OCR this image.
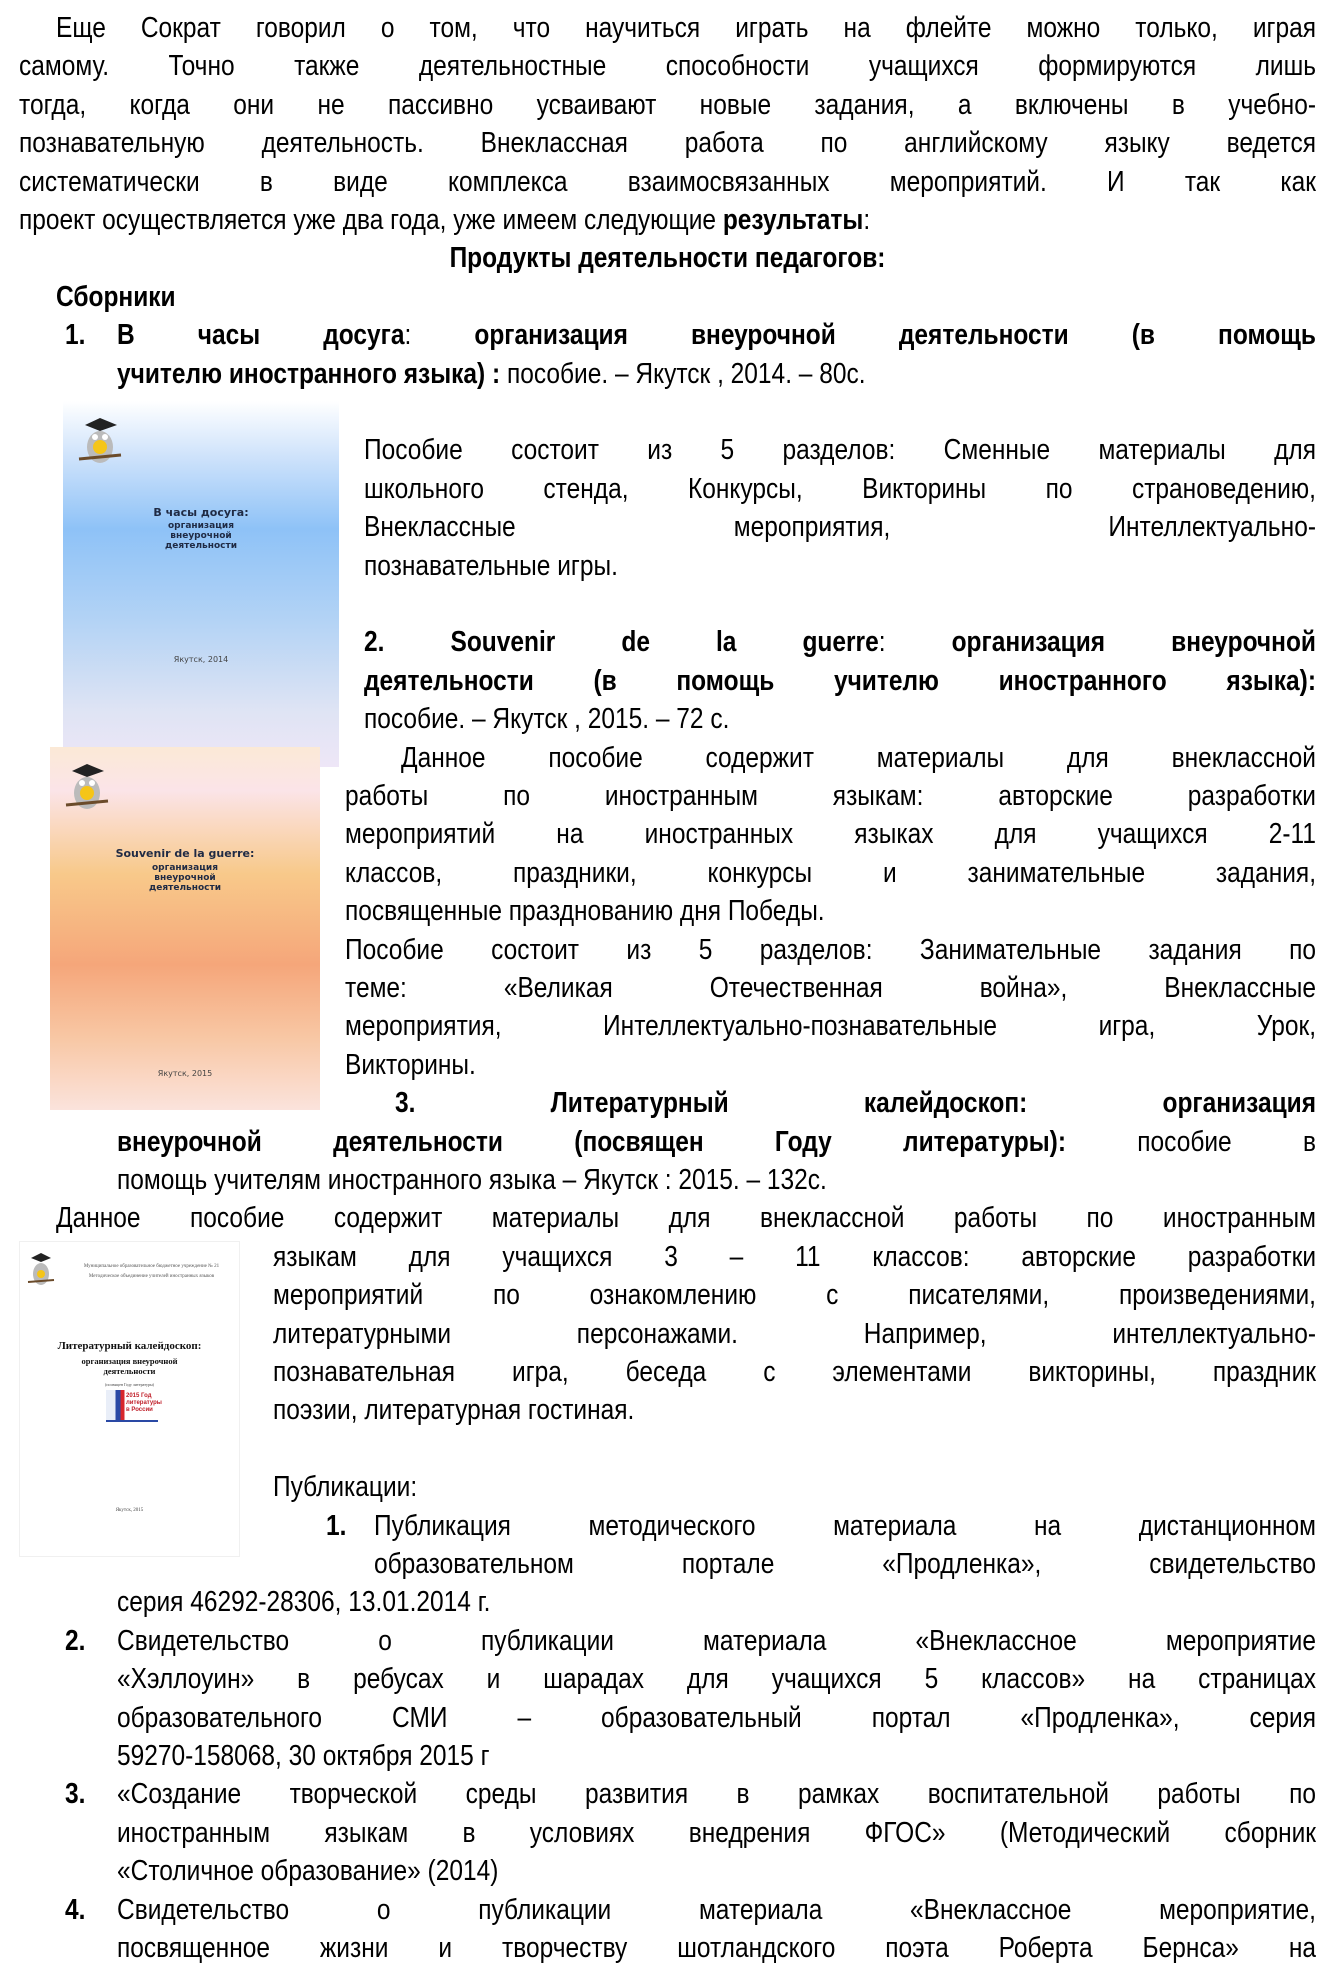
Еще Сократ говорил о том, что научиться играть на флейте можно только, играя
самому. Точно также деятельностные способности учащихся формируются лишь
тогда, когда они не пассивно усваивают новые задания, а включены в учебно-
познавательную деятельность. Внеклассная работа по английскому языку ведется
систематически в виде комплекса взаимосвязанных мероприятий. И так как
проект осуществляется уже два года, уже имеем следующие результаты:
Продукты деятельности педагогов:
Сборники
1. В часы досуга: организация внеурочной деятельности (в помощь
учителю иностранного языка) : пособие. – Якутск , 2014. – 80с.
Пособие состоит из 5 разделов: Сменные материалы для
школьного стенда, Конкурсы, Викторины по страноведению,
Внеклассные мероприятия, Интеллектуально-
познавательные игры.
2. Souvenir de la guerre: организация внеурочной
деятельности (в помощь учителю иностранного языка):
пособие. – Якутск , 2015. – 72 с.
Данное пособие содержит материалы для внеклассной
работы по иностранным языкам: авторские разработки
мероприятий на иностранных языках для учащихся 2-11
классов, праздники, конкурсы и занимательные задания,
посвященные празднованию дня Победы.
Пособие состоит из 5 разделов: Занимательные задания по
теме: «Великая Отечественная война», Внеклассные
мероприятия, Интеллектуально-познавательные игра, Урок,
Викторины.
3. Литературный калейдоскоп: организация
внеурочной деятельности (посвящен Году литературы): пособие в
помощь учителям иностранного языка – Якутск : 2015. – 132с.
Данное пособие содержит материалы для внеклассной работы по иностранным
языкам для учащихся 3 – 11 классов: авторские разработки
мероприятий по ознакомлению с писателями, произведениями,
литературными персонажами. Например, интеллектуально-
познавательная игра, беседа с элементами викторины, праздник
поэзии, литературная гостиная.
Публикации:
1. Публикация методического материала на дистанционном
образовательном портале «Продленка», свидетельство
серия 46292-28306, 13.01.2014 г.
2. Свидетельство о публикации материала «Внеклассное мероприятие
«Хэллоуин» в ребусах и шарадах для учащихся 5 классов» на страницах
образовательного СМИ – образовательный портал «Продленка», серия
59270-158068, 30 октября 2015 г
3. «Создание творческой среды развития в рамках воспитательной работы по
иностранным языкам в условиях внедрения ФГОС» (Методический сборник
«Столичное образование» (2014)
4. Свидетельство о публикации материала «Внеклассное мероприятие,
посвященное жизни и творчеству шотландского поэта Роберта Бернса» на
В часы досуга:
организация внеурочной деятельности
Якутск, 2014
Souvenir de la guerre:
организация внеурочной деятельности
Якутск, 2015
Муниципальное образовательное бюджетное учреждение № 21
Методическое объединение учителей иностранных языков
Литературный калейдоскоп:
организация внеурочной деятельности
(посвящен Году литературы)
2015 Год литературы в России
Якутск, 2015
